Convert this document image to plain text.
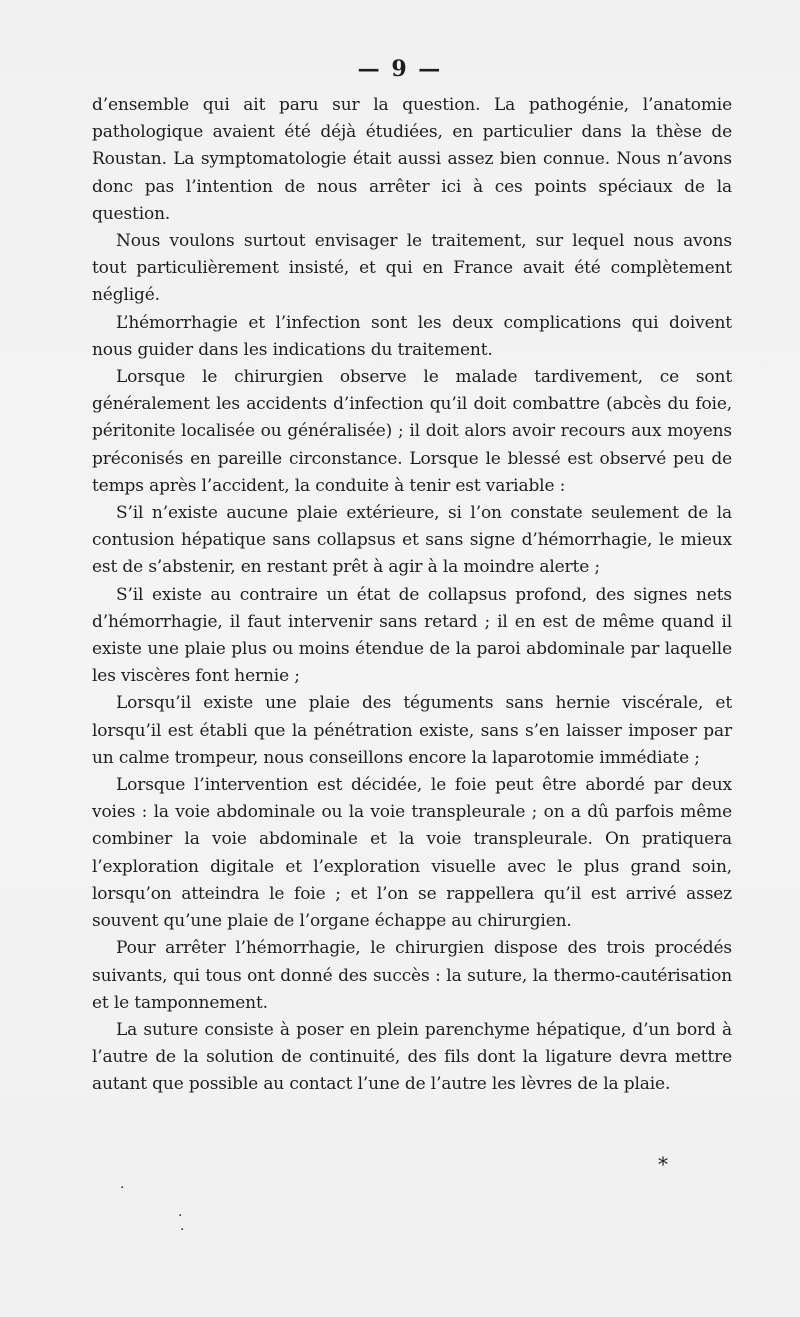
— 9 —

d’ensemble qui ait paru sur la question. La pathogénie, l’anatomie pathologique avaient été déjà étudiées, en particulier dans la thèse de Roustan. La symptomatologie était aussi assez bien connue. Nous n’avons donc pas l’intention de nous arrêter ici à ces points spéciaux de la question.

Nous voulons surtout envisager le traitement, sur lequel nous avons tout particulièrement insisté, et qui en France avait été complètement négligé.

L’hémorrhagie et l’infection sont les deux complications qui doivent nous guider dans les indications du traitement.

Lorsque le chirurgien observe le malade tardivement, ce sont généralement les accidents d’infection qu’il doit combattre (abcès du foie, péritonite localisée ou généralisée) ; il doit alors avoir recours aux moyens préconisés en pareille circonstance. Lorsque le blessé est observé peu de temps après l’accident, la conduite à tenir est variable :

S’il n’existe aucune plaie extérieure, si l’on constate seulement de la contusion hépatique sans collapsus et sans signe d’hémorrhagie, le mieux est de s’abstenir, en restant prêt à agir à la moindre alerte ;

S’il existe au contraire un état de collapsus profond, des signes nets d’hémorrhagie, il faut intervenir sans retard ; il en est de même quand il existe une plaie plus ou moins étendue de la paroi abdominale par laquelle les viscères font hernie ;

Lorsqu’il existe une plaie des téguments sans hernie viscérale, et lorsqu’il est établi que la pénétration existe, sans s’en laisser imposer par un calme trompeur, nous conseillons encore la laparotomie immédiate ;

Lorsque l’intervention est décidée, le foie peut être abordé par deux voies : la voie abdominale ou la voie transpleurale ; on a dû parfois même combiner la voie abdominale et la voie transpleurale. On pratiquera l’exploration digitale et l’exploration visuelle avec le plus grand soin, lorsqu’on atteindra le foie ; et l’on se rappellera qu’il est arrivé assez souvent qu’une plaie de l’organe échappe au chirurgien.

Pour arrêter l’hémorrhagie, le chirurgien dispose des trois procédés suivants, qui tous ont donné des succès : la suture, la thermo-cautérisation et le tamponnement.

La suture consiste à poser en plein parenchyme hépatique, d’un bord à l’autre de la solution de continuité, des fils dont la ligature devra mettre autant que possible au contact l’une de l’autre les lèvres de la plaie.

*
·
·
·
